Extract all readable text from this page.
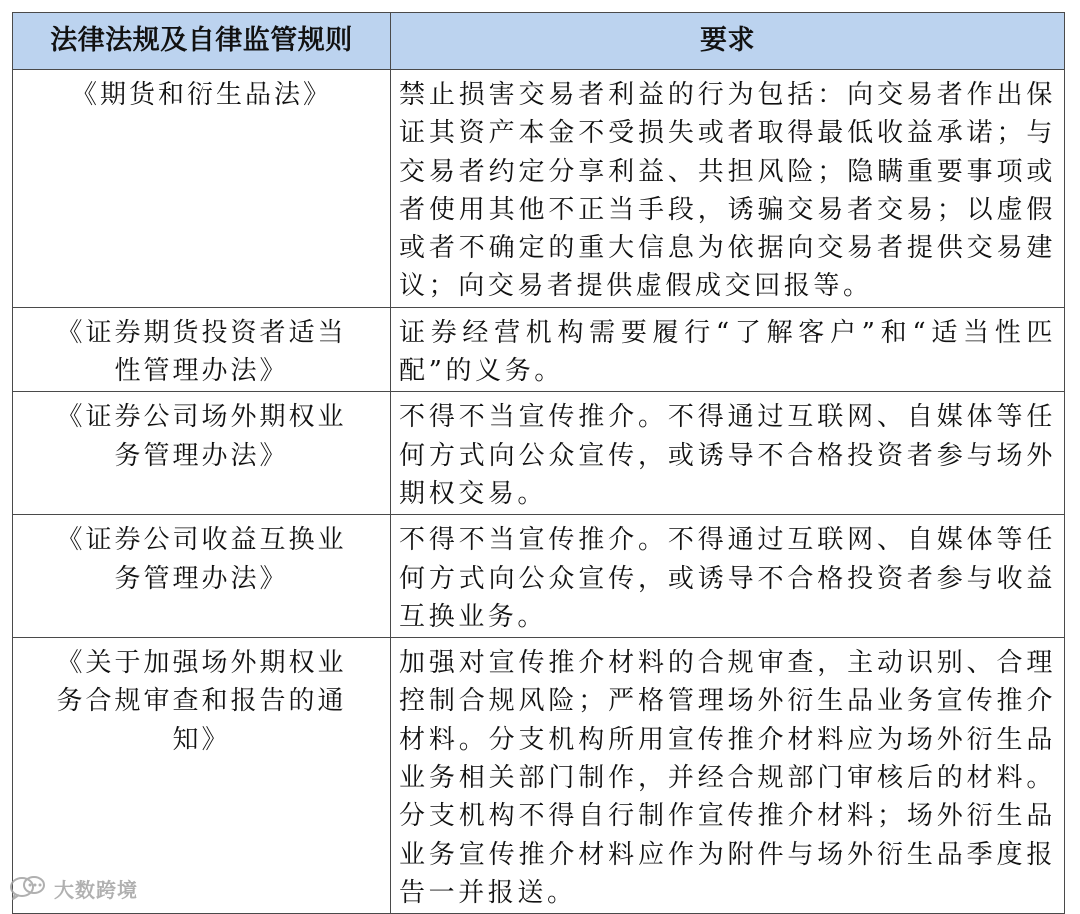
法律法规及自律监管规则	要求
《期货和衍生品法》	禁止损害交易者利益的行为包括：向交易者作出保证其资产本金不受损失或者取得最低收益承诺；与交易者约定分享利益、共担风险；隐瞒重要事项或者使用其他不正当手段，诱骗交易者交易；以虚假或者不确定的重大信息为依据向交易者提供交易建议；向交易者提供虚假成交回报等。
《证券期货投资者适当性管理办法》	证券经营机构需要履行“了解客户”和“适当性匹配”的义务。
《证券公司场外期权业务管理办法》	不得不当宣传推介。不得通过互联网、自媒体等任何方式向公众宣传，或诱导不合格投资者参与场外期权交易。
《证券公司收益互换业务管理办法》	不得不当宣传推介。不得通过互联网、自媒体等任何方式向公众宣传，或诱导不合格投资者参与收益互换业务。
《关于加强场外期权业务合规审查和报告的通知》	加强对宣传推介材料的合规审查，主动识别、合理控制合规风险；严格管理场外衍生品业务宣传推介材料。分支机构所用宣传推介材料应为场外衍生品业务相关部门制作，并经合规部门审核后的材料。分支机构不得自行制作宣传推介材料；场外衍生品业务宣传推介材料应作为附件与场外衍生品季度报告一并报送。
大数跨境
